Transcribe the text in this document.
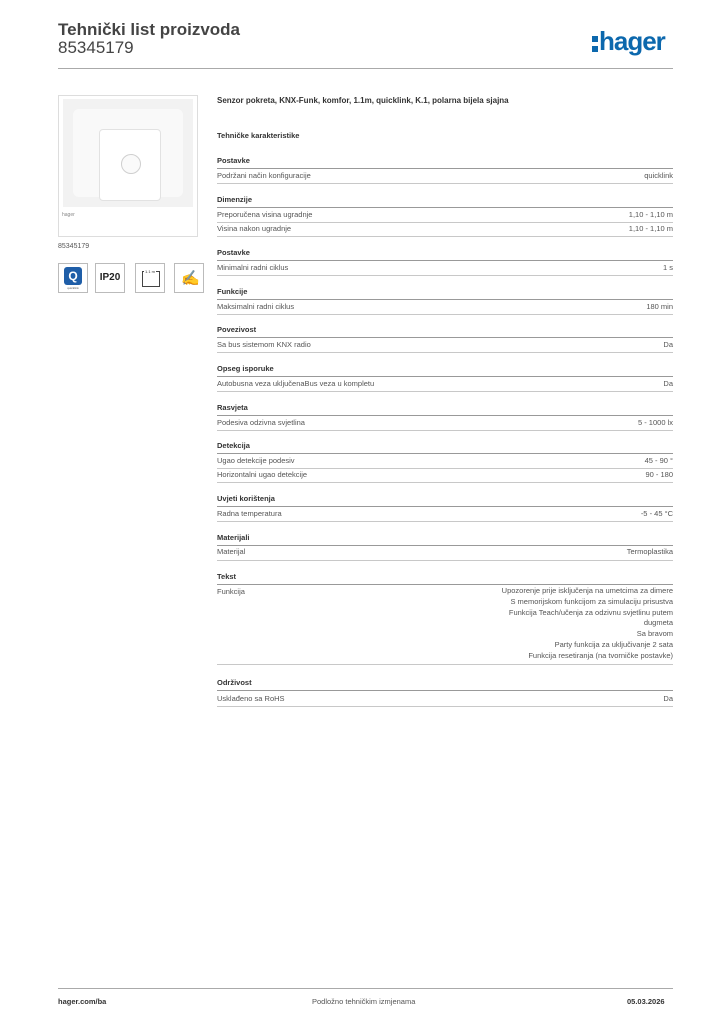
Tehnički list proizvoda
85345179	hager
hager
85345179
Q
quicklink
IP20
1.1 m ✍
Senzor pokreta, KNX-Funk, komfor, 1.1m, quicklink, K.1, polarna bijela sjajna
Tehničke karakteristike
Postavke
Podržani način konfiguracije	quicklink
Dimenzije
Preporučena visina ugradnje	1,10 - 1,10 m
Visina nakon ugradnje	1,10 - 1,10 m
Postavke
Minimalni radni ciklus	1 s
Funkcije
Maksimalni radni ciklus	180 min
Povezivost
Sa bus sistemom KNX radio	Da
Opseg isporuke
Autobusna veza uključenaBus veza u kompletu	Da
Rasvjeta
Podesiva odzivna svjetlina	5 - 1000 lx
Detekcija
Ugao detekcije podesiv	45 - 90 °
Horizontalni ugao detekcije	90 - 180
Uvjeti korištenja
Radna temperatura	-5 - 45 °C
Materijali
Materijal	Termoplastika
Tekst
Funkcija	Upozorenje prije isključenja na umetcima za dimere
S memorijskom funkcijom za simulaciju prisustva
Funkcija Teach/učenja za odzivnu svjetlinu putem
dugmeta
Sa bravom
Party funkcija za uključivanje 2 sata
Funkcija resetiranja (na tvorničke postavke)
Održivost
Usklađeno sa RoHS	Da
hager.com/ba	Podložno tehničkim izmjenama	05.03.2026
